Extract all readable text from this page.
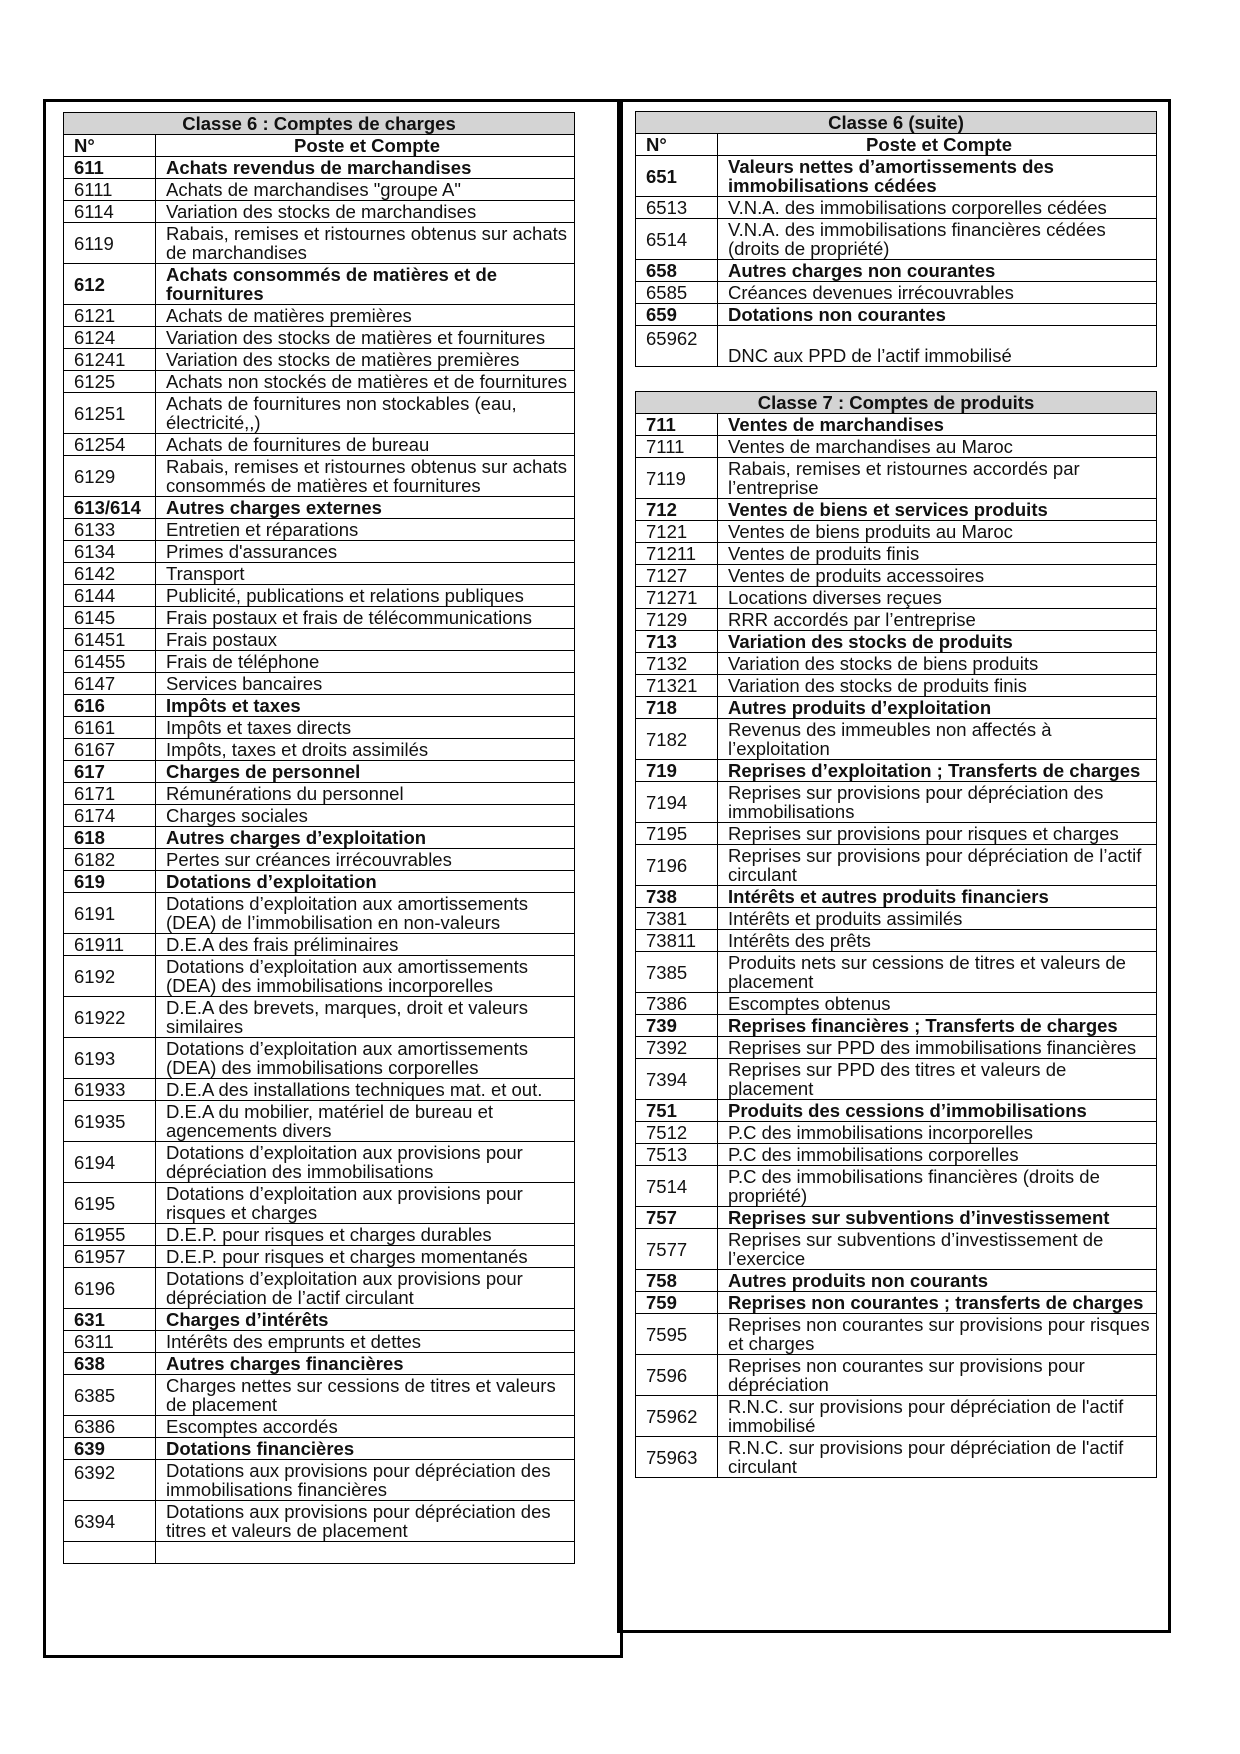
Classe 6 : Comptes de charges	
N°	Poste et Compte
611	Achats revendus de marchandises
6111	Achats de marchandises "groupe A"
6114	Variation des stocks de marchandises
6119	Rabais, remises et ristournes obtenus sur achats de marchandises
612	Achats consommés de matières et de fournitures
6121	Achats de matières premières
6124	Variation des stocks de matières et fournitures
61241	Variation des stocks de matières premières
6125	Achats non stockés de matières et de fournitures
61251	Achats de fournitures non stockables (eau, électricité,,)
61254	Achats de fournitures de bureau
6129	Rabais, remises et ristournes obtenus sur achats consommés de matières et fournitures
613/614	Autres charges externes
6133	Entretien et réparations
6134	Primes d'assurances
6142	Transport
6144	Publicité, publications et relations publiques
6145	Frais postaux et frais de télécommunications
61451	Frais postaux
61455	Frais de téléphone
6147	Services bancaires
616	Impôts et taxes
6161	Impôts et taxes directs
6167	Impôts, taxes et droits assimilés
617	Charges de personnel
6171	Rémunérations du personnel
6174	Charges sociales
618	Autres charges d’exploitation
6182	Pertes sur créances irrécouvrables
619	Dotations d’exploitation
6191	Dotations d’exploitation aux amortissements (DEA) de l’immobilisation en non-valeurs
61911	D.E.A des frais préliminaires
6192	Dotations d’exploitation aux amortissements (DEA) des immobilisations incorporelles
61922	D.E.A des brevets, marques, droit et valeurs similaires
6193	Dotations d’exploitation aux amortissements (DEA) des immobilisations corporelles
61933	D.E.A des installations techniques mat. et out.
61935	D.E.A du mobilier, matériel de bureau et agencements divers
6194	Dotations d’exploitation aux provisions pour dépréciation des immobilisations
6195	Dotations d’exploitation aux provisions pour risques et charges
61955	D.E.P. pour risques et charges durables
61957	D.E.P. pour risques et charges momentanés
6196	Dotations d’exploitation aux provisions pour dépréciation de l’actif circulant
631	Charges d’intérêts
6311	Intérêts des emprunts et dettes
638	Autres charges financières
6385	Charges nettes sur cessions de titres et valeurs de placement
6386	Escomptes accordés
639	Dotations financières
6392	Dotations aux provisions pour dépréciation des immobilisations financières
6394	Dotations aux provisions pour dépréciation des titres et valeurs de placement

Classe 6 (suite)	
N°	Poste et Compte
651	Valeurs nettes d’amortissements des immobilisations cédées
6513	V.N.A. des immobilisations corporelles cédées
6514	V.N.A. des immobilisations financières cédées (droits de propriété)
658	Autres charges non courantes
6585	Créances devenues irrécouvrables
659	Dotations non courantes
65962	DNC aux PPD de l’actif immobilisé
Classe 7 : Comptes de produits	
711	Ventes de marchandises
7111	Ventes de marchandises au Maroc
7119	Rabais, remises et ristournes accordés par l’entreprise
712	Ventes de biens et services produits
7121	Ventes de biens produits au Maroc
71211	Ventes de produits finis
7127	Ventes de produits accessoires
71271	Locations diverses reçues
7129	RRR accordés par l’entreprise
713	Variation des stocks de produits
7132	Variation des stocks de biens produits
71321	Variation des stocks de produits finis
718	Autres produits d’exploitation
7182	Revenus des immeubles non affectés à l’exploitation
719	Reprises d’exploitation ; Transferts de charges
7194	Reprises sur provisions pour dépréciation des immobilisations
7195	Reprises sur provisions pour risques et charges
7196	Reprises sur provisions pour dépréciation de l’actif circulant
738	Intérêts et autres produits financiers
7381	Intérêts et produits assimilés
73811	Intérêts des prêts
7385	Produits nets sur cessions de titres et valeurs de placement
7386	Escomptes obtenus
739	Reprises financières ; Transferts de charges
7392	Reprises sur PPD des immobilisations financières
7394	Reprises sur PPD des titres et valeurs de placement
751	Produits des cessions d’immobilisations
7512	P.C des immobilisations incorporelles
7513	P.C des immobilisations corporelles
7514	P.C des immobilisations financières (droits de propriété)
757	Reprises sur subventions d’investissement
7577	Reprises sur subventions d’investissement de l’exercice
758	Autres produits non courants
759	Reprises non courantes ; transferts de charges
7595	Reprises non courantes sur provisions pour risques et charges
7596	Reprises non courantes sur provisions pour dépréciation
75962	R.N.C. sur provisions pour dépréciation de l'actif immobilisé
75963	R.N.C. sur provisions pour dépréciation de l'actif circulant
